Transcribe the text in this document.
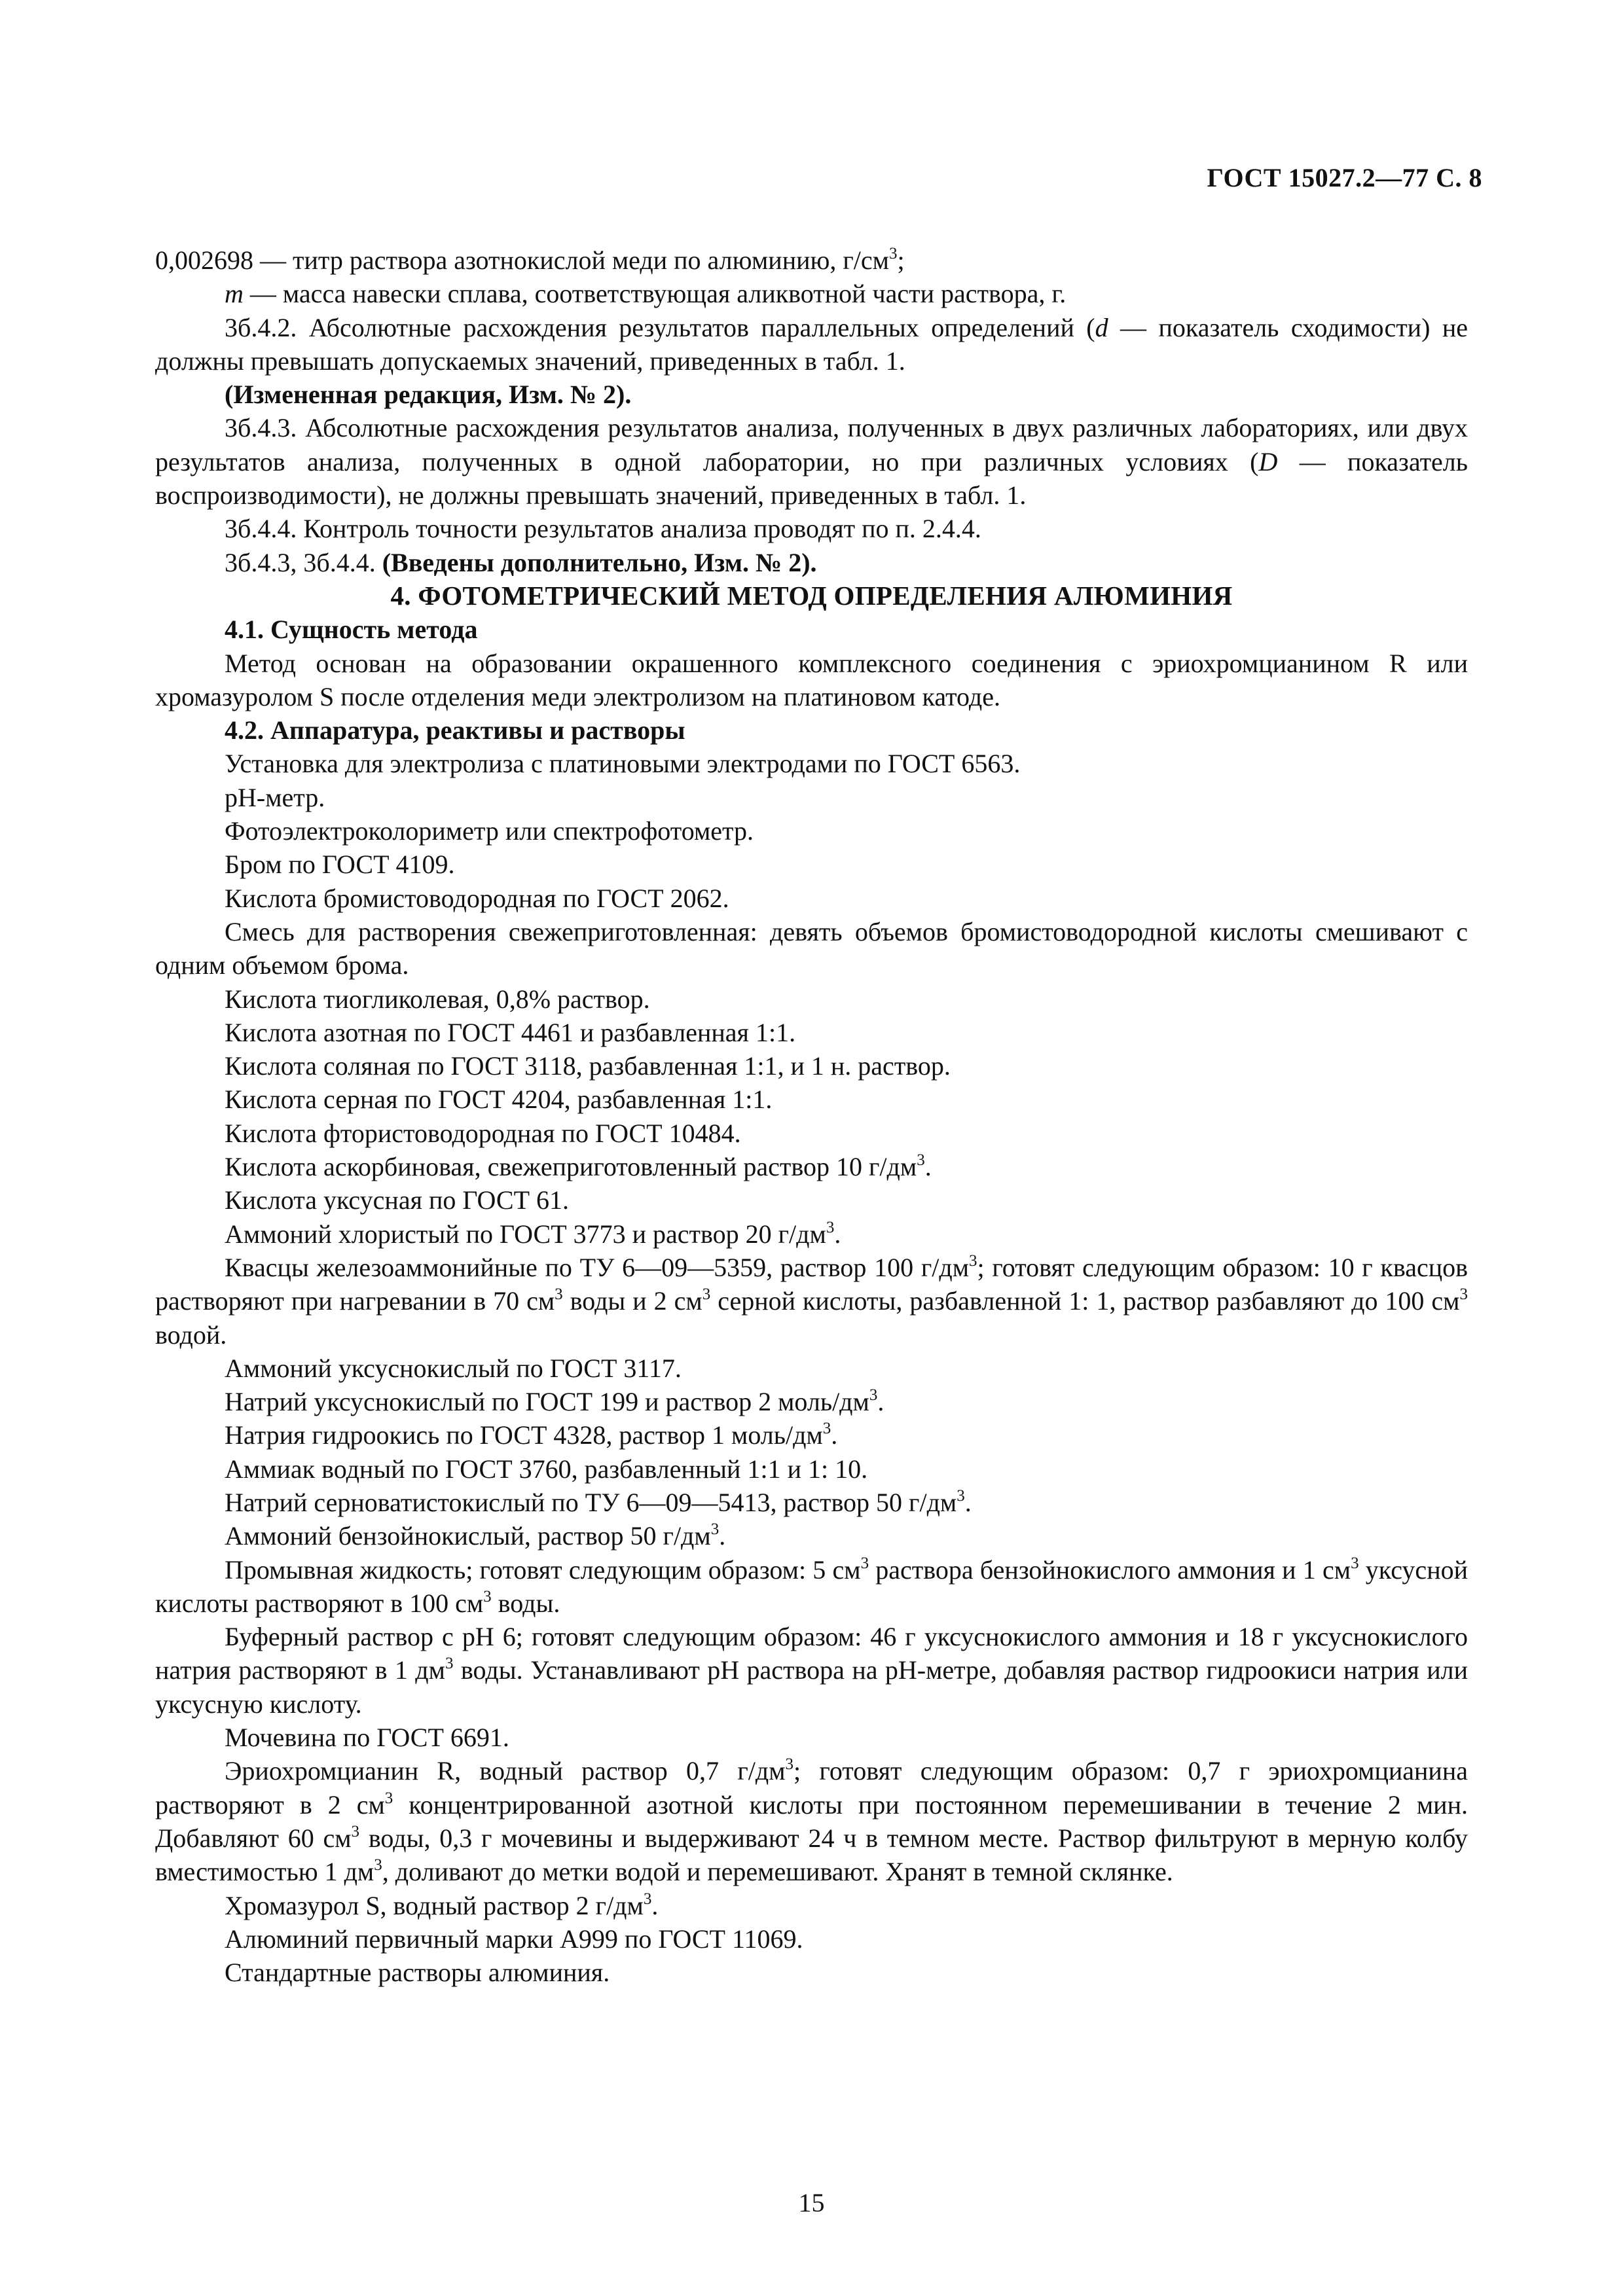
ГОСТ 15027.2—77 С. 8

0,002698 — титр раствора азотнокислой меди по алюминию, $г/см^3$;

m — масса навески сплава, соответствующая аликвотной части раствора, г.

3б.4.2. Абсолютные расхождения результатов параллельных определений (d — показатель сходимости) не должны превышать допускаемых значений, приведенных в табл. 1.

(Измененная редакция, Изм. № 2).

3б.4.3. Абсолютные расхождения результатов анализа, полученных в двух различных лабораториях, или двух результатов анализа, полученных в одной лаборатории, но при различных условиях (D — показатель воспроизводимости), не должны превышать значений, приведенных в табл. 1.

3б.4.4. Контроль точности результатов анализа проводят по п. 2.4.4.

3б.4.3, 3б.4.4. (Введены дополнительно, Изм. № 2).

4. ФОТОМЕТРИЧЕСКИЙ МЕТОД ОПРЕДЕЛЕНИЯ АЛЮМИНИЯ

4.1. Сущность метода

Метод основан на образовании окрашенного комплексного соединения с эриохромцианином R или хромазуролом S после отделения меди электролизом на платиновом катоде.

4.2. Аппаратура, реактивы и растворы

Установка для электролиза с платиновыми электродами по ГОСТ 6563.

pH-метр.

Фотоэлектроколориметр или спектрофотометр.

Бром по ГОСТ 4109.

Кислота бромистоводородная по ГОСТ 2062.

Смесь для растворения свежеприготовленная: девять объемов бромистоводородной кислоты смешивают с одним объемом брома.

Кислота тиогликолевая, 0,8% раствор.

Кислота азотная по ГОСТ 4461 и разбавленная 1:1.

Кислота соляная по ГОСТ 3118, разбавленная 1:1, и 1 н. раствор.

Кислота серная по ГОСТ 4204, разбавленная 1:1.

Кислота фтористоводородная по ГОСТ 10484.

Кислота аскорбиновая, свежеприготовленный раствор 10 $г/дм^3$.

Кислота уксусная по ГОСТ 61.

Аммоний хлористый по ГОСТ 3773 и раствор 20 $г/дм^3$.

Квасцы железоаммонийные по ТУ 6—09—5359, раствор 100 $г/дм^3$; готовят следующим образом: 10 г квасцов растворяют при нагревании в 70 $см^3$ воды и 2 $см^3$ серной кислоты, разбавленной 1: 1, раствор разбавляют до 100 $см^3$ водой.

Аммоний уксуснокислый по ГОСТ 3117.

Натрий уксуснокислый по ГОСТ 199 и раствор 2 моль/$дм^3$.

Натрия гидроокись по ГОСТ 4328, раствор 1 моль/$дм^3$.

Аммиак водный по ГОСТ 3760, разбавленный 1:1 и 1: 10.

Натрий серноватистокислый по ТУ 6—09—5413, раствор 50 $г/дм^3$.

Аммоний бензойнокислый, раствор 50 $г/дм^3$.

Промывная жидкость; готовят следующим образом: 5 $см^3$ раствора бензойнокислого аммония и 1 $см^3$ уксусной кислоты растворяют в 100 $см^3$ воды.

Буферный раствор с pH 6; готовят следующим образом: 46 г уксуснокислого аммония и 18 г уксуснокислого натрия растворяют в 1 $дм^3$ воды. Устанавливают pH раствора на pH-метре, добавляя раствор гидроокиси натрия или уксусную кислоту.

Мочевина по ГОСТ 6691.

Эриохромцианин R, водный раствор 0,7 $г/дм^3$; готовят следующим образом: 0,7 г эриохромцианина растворяют в 2 $см^3$ концентрированной азотной кислоты при постоянном перемешивании в течение 2 мин. Добавляют 60 $см^3$ воды, 0,3 г мочевины и выдерживают 24 ч в темном месте. Раствор фильтруют в мерную колбу вместимостью 1 $дм^3$, доливают до метки водой и перемешивают. Хранят в темной склянке.

Хромазурол S, водный раствор 2 $г/дм^3$.

Алюминий первичный марки А999 по ГОСТ 11069.

Стандартные растворы алюминия.

15
